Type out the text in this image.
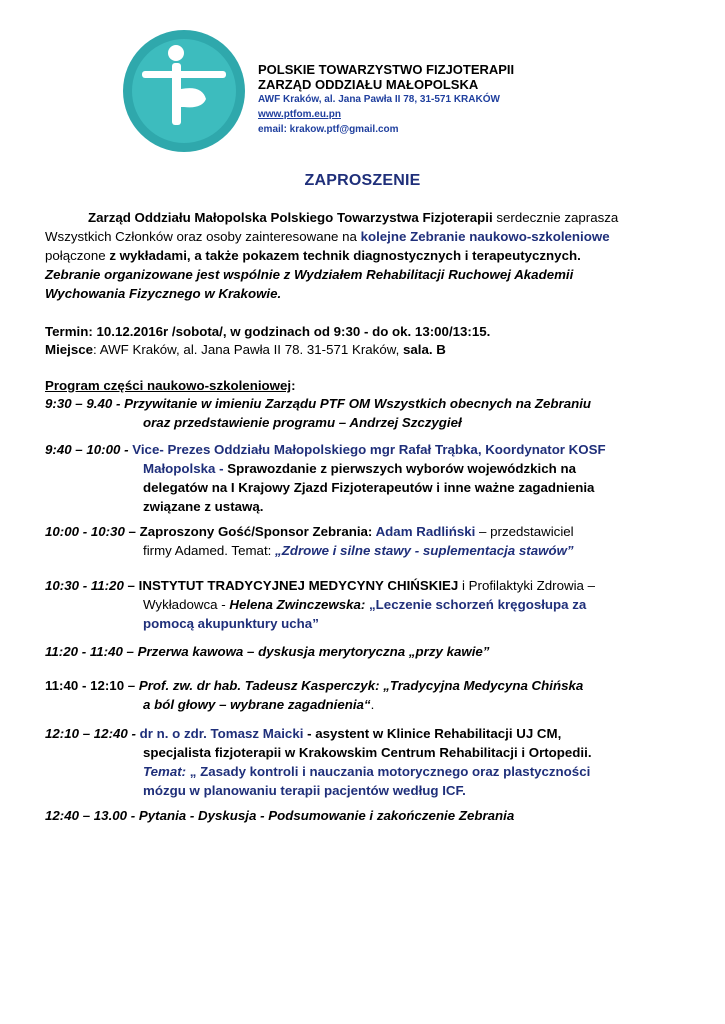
POLSKIE TOWARZYSTWO FIZJOTERAPII
ZARZĄD ODDZIAŁU MAŁOPOLSKA
AWF Kraków, al. Jana Pawła II 78, 31-571 KRAKÓW
www.ptfom.eu.pn
email: krakow.ptf@gmail.com
ZAPROSZENIE
Zarząd Oddziału Małopolska Polskiego Towarzystwa Fizjoterapii serdecznie zaprasza
Wszystkich Członków oraz osoby zainteresowane na kolejne Zebranie naukowo-szkoleniowe
połączone z wykładami, a także pokazem technik diagnostycznych i terapeutycznych.
Zebranie organizowane jest wspólnie z Wydziałem Rehabilitacji Ruchowej Akademii
Wychowania Fizycznego w Krakowie.
Termin: 10.12.2016r /sobota/, w godzinach od 9:30 - do ok. 13:00/13:15.
Miejsce: AWF Kraków, al. Jana Pawła II 78. 31-571 Kraków, sala. B
Program części naukowo-szkoleniowej:
9:30 – 9.40 - Przywitanie w imieniu Zarządu PTF OM Wszystkich obecnych na Zebraniu
oraz przedstawienie programu – Andrzej Szczygieł
9:40 – 10:00 - Vice- Prezes Oddziału Małopolskiego mgr Rafał Trąbka, Koordynator KOSF
Małopolska - Sprawozdanie z pierwszych wyborów wojewódzkich na
delegatów na I Krajowy Zjazd Fizjoterapeutów i inne ważne zagadnienia
związane z ustawą.
10:00 - 10:30 – Zaproszony Gość/Sponsor Zebrania: Adam Radliński – przedstawiciel
firmy Adamed. Temat: „Zdrowe i silne stawy - suplementacja stawów”
10:30 - 11:20 – INSTYTUT TRADYCYJNEJ MEDYCYNY CHIŃSKIEJ i Profilaktyki Zdrowia –
Wykładowca - Helena Zwinczewska: „Leczenie schorzeń kręgosłupa za
pomocą akupunktury ucha”
11:20 - 11:40 – Przerwa kawowa – dyskusja merytoryczna „przy kawie”
11:40 - 12:10 – Prof. zw. dr hab. Tadeusz Kasperczyk: „Tradycyjna Medycyna Chińska
a ból głowy – wybrane zagadnienia“.
12:10 – 12:40 - dr n. o zdr. Tomasz Maicki - asystent w Klinice Rehabilitacji UJ CM,
specjalista fizjoterapii w Krakowskim Centrum Rehabilitacji i Ortopedii.
Temat: „ Zasady kontroli i nauczania motorycznego oraz plastyczności
mózgu w planowaniu terapii pacjentów według ICF.
12:40 – 13.00 - Pytania - Dyskusja - Podsumowanie i zakończenie Zebrania
